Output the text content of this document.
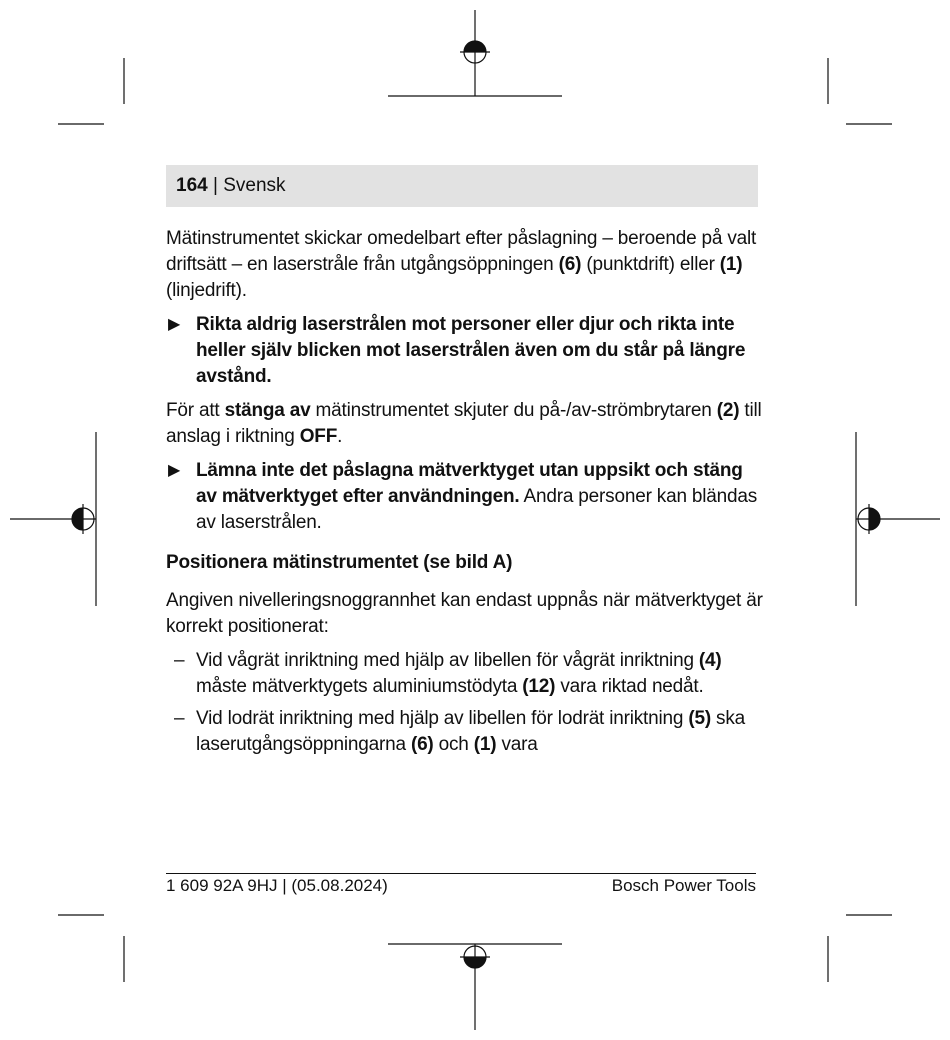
164 | Svensk

Mätinstrumentet skickar omedelbart efter påslagning – beroende på valt driftsätt – en laserstråle från utgångsöppningen (6) (punktdrift) eller (1) (linjedrift).

▶ Rikta aldrig laserstrålen mot personer eller djur och rikta inte heller själv blicken mot laserstrålen även om du står på längre avstånd.

För att stänga av mätinstrumentet skjuter du på-/av-strömbrytaren (2) till anslag i riktning OFF.

▶ Lämna inte det påslagna mätverktyget utan uppsikt och stäng av mätverktyget efter användningen. Andra personer kan bländas av laserstrålen.
Positionera mätinstrumentet (se bild A)

Angiven nivelleringsnoggrannhet kan endast uppnås när mätverktyget är korrekt positionerat:

– Vid vågrät inriktning med hjälp av libellen för vågrät inriktning (4) måste mätverktygets aluminiumstödyta (12) vara riktad nedåt.
– Vid lodrät inriktning med hjälp av libellen för lodrät inriktning (5) ska laserutgångsöppningarna (6) och (1) vara
1 609 92A 9HJ | (05.08.2024)	Bosch Power Tools
